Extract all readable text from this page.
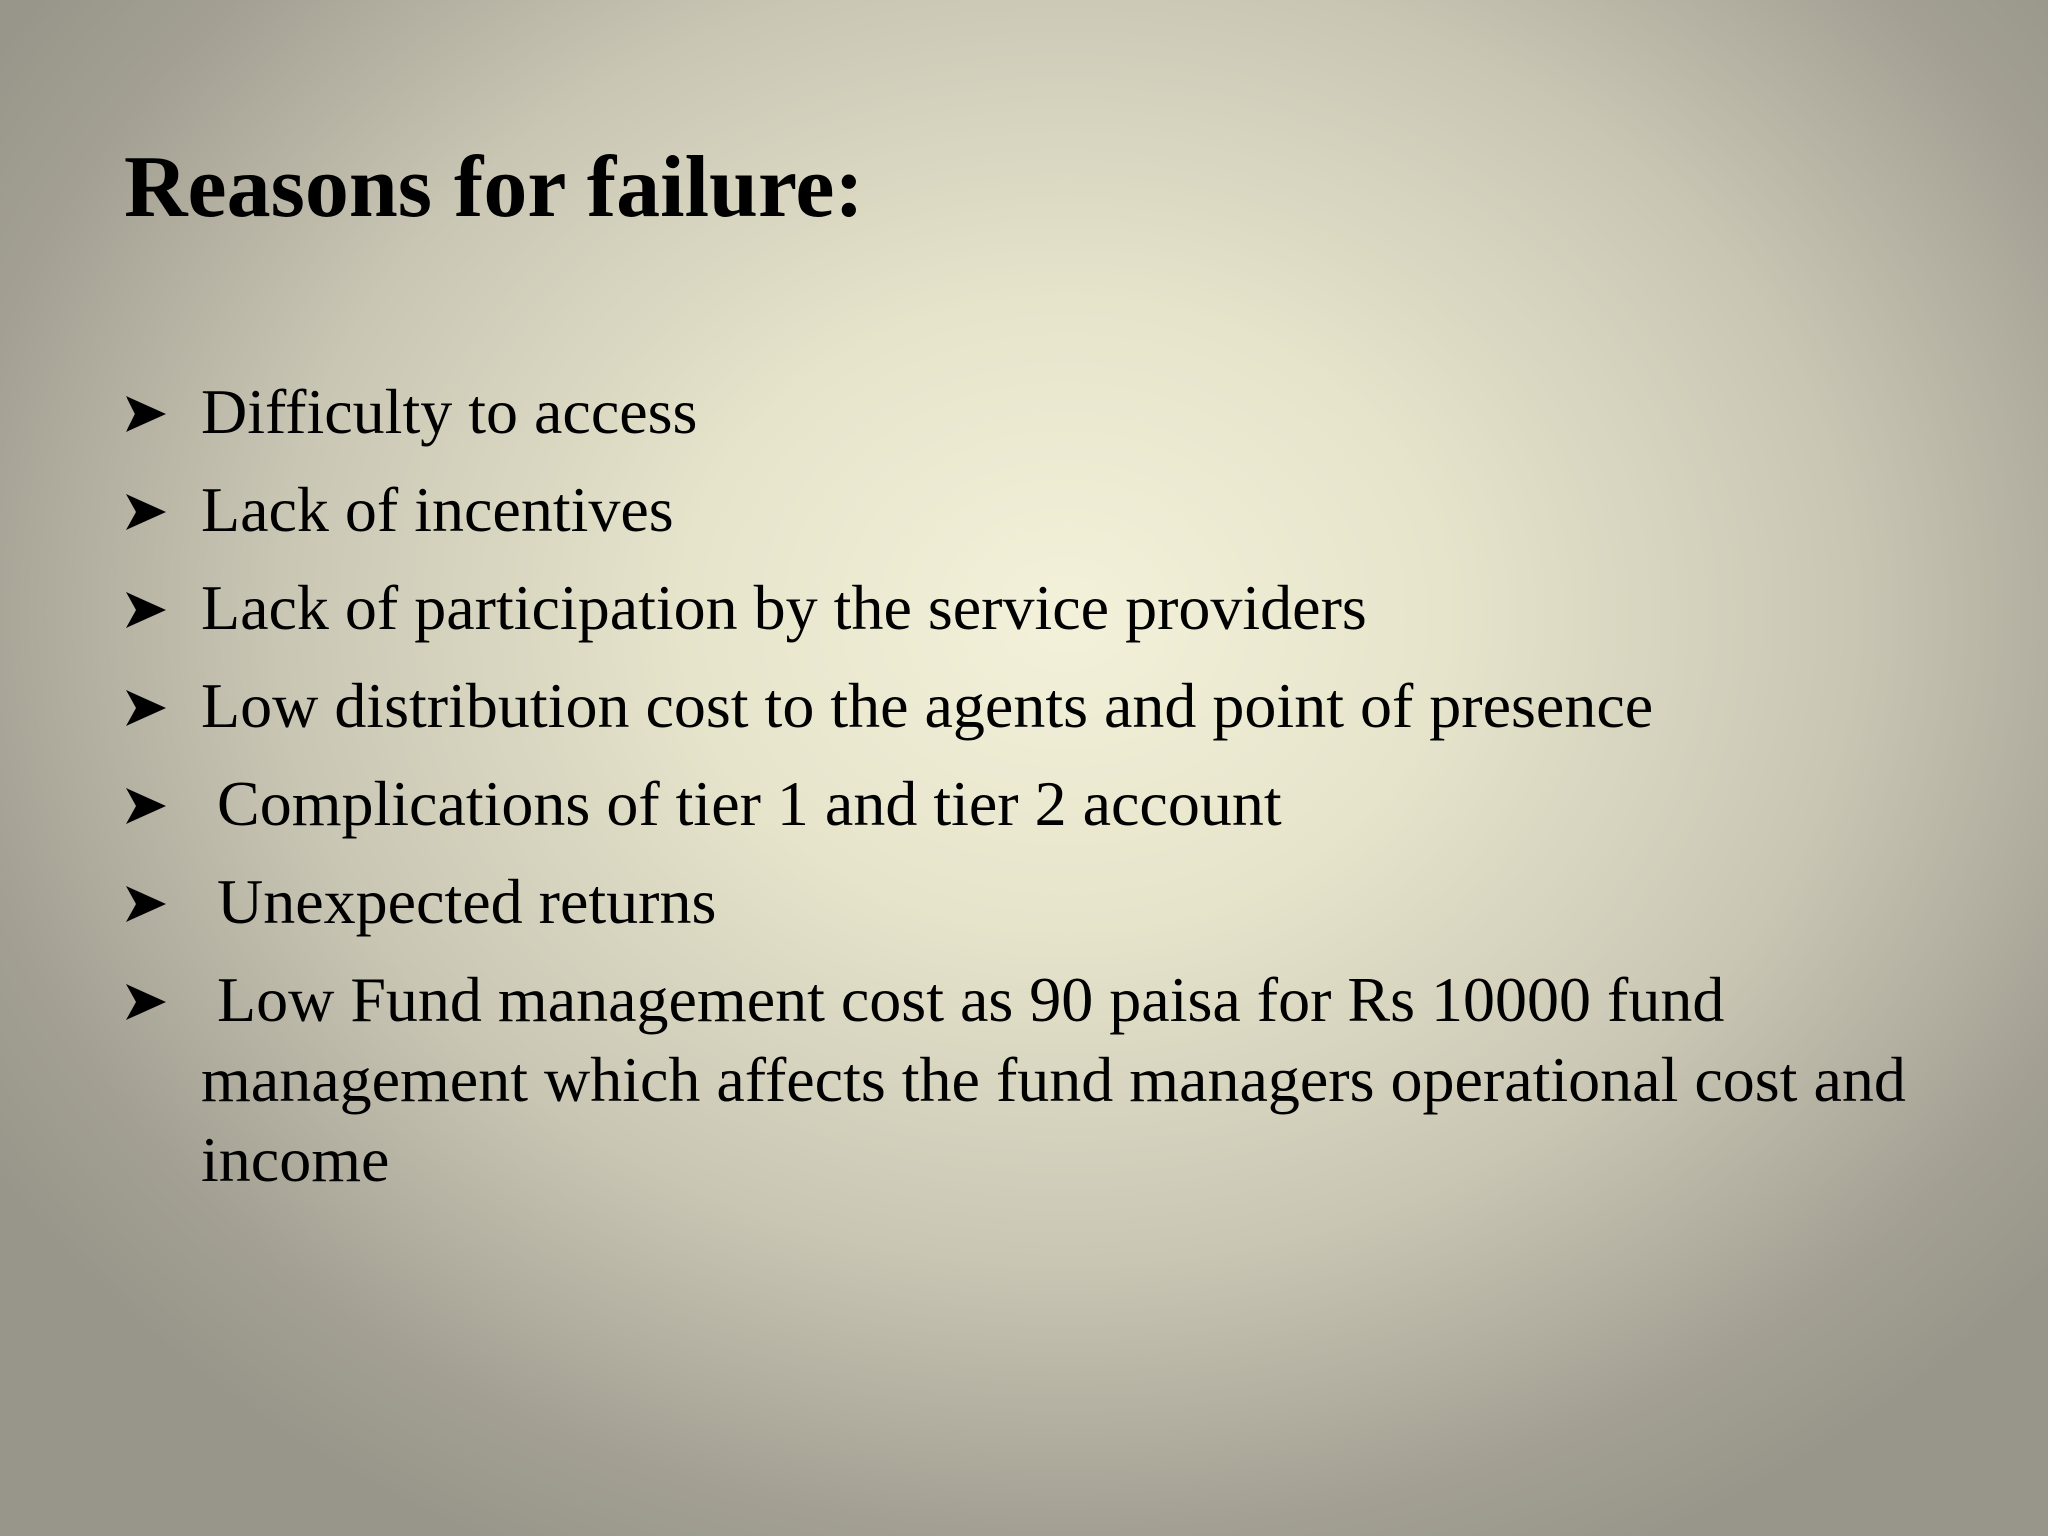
Reasons for failure:
Difficulty to access
Lack of incentives
Lack of participation by the service providers
Low distribution cost to the agents and point of presence
Complications of tier 1 and tier 2 account
Unexpected returns
Low Fund management cost as 90 paisa for Rs 10000 fund management which affects the fund managers operational cost and income
